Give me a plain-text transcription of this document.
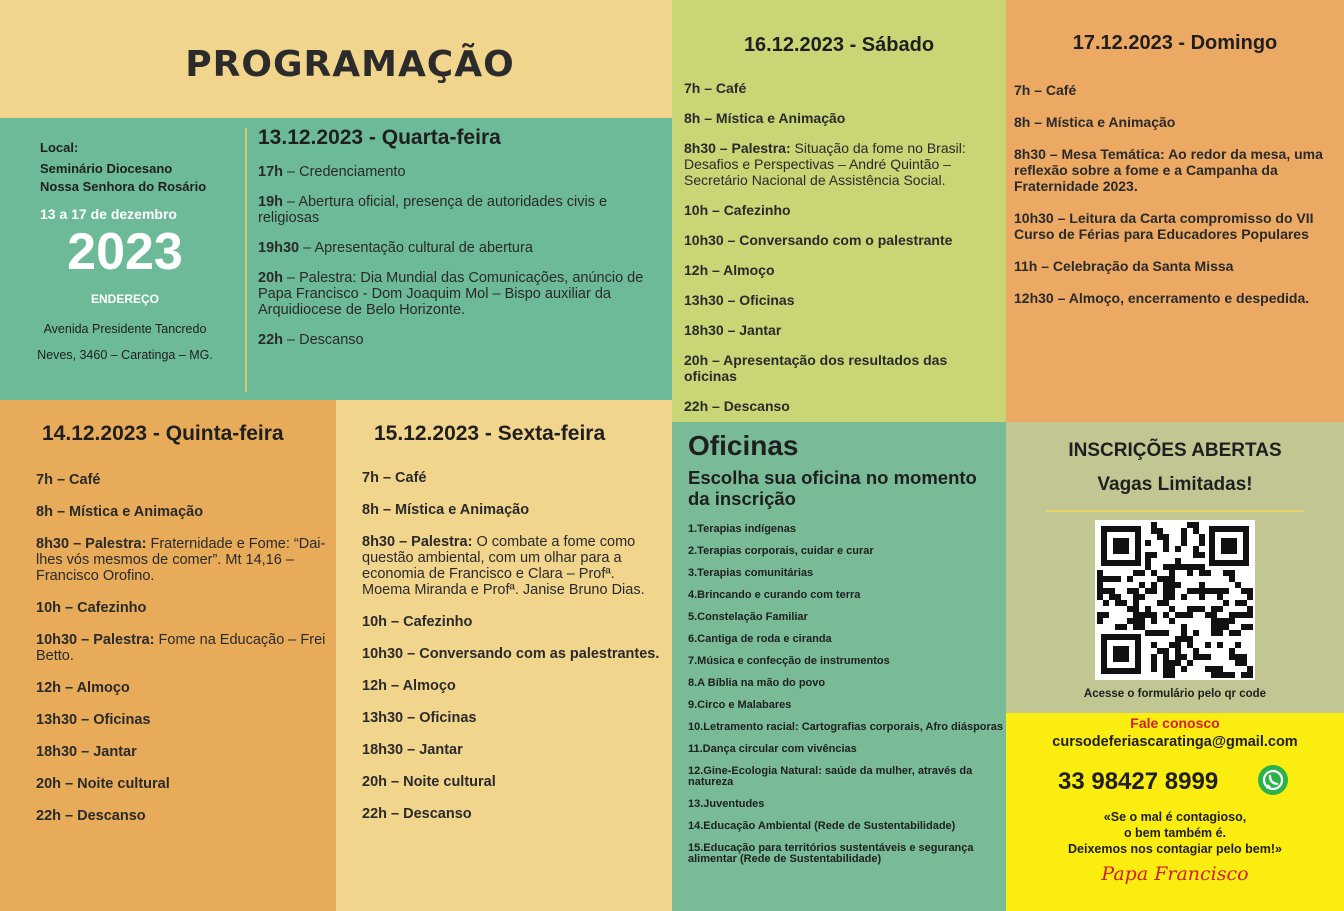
PROGRAMAÇÃO
Local:
Seminário Diocesano
Nossa Senhora do Rosário
13 a 17 de dezembro
2023
ENDEREÇO
Avenida Presidente Tancredo
Neves, 3460 – Caratinga – MG.
13.12.2023 - Quarta-feira
17h – Credenciamento
19h – Abertura oficial, presença de autoridades civis e religiosas
19h30 – Apresentação cultural de abertura
20h – Palestra: Dia Mundial das Comunicações, anúncio de Papa Francisco - Dom Joaquim Mol – Bispo auxiliar da Arquidiocese de Belo Horizonte.
22h – Descanso
14.12.2023 - Quinta-feira
7h – Café
8h – Mística e Animação
8h30 – Palestra: Fraternidade e Fome: “Dai-lhes vós mesmos de comer”. Mt 14,16 – Francisco Orofino.
10h – Cafezinho
10h30 – Palestra: Fome na Educação – Frei Betto.
12h – Almoço
13h30 – Oficinas
18h30 – Jantar
20h – Noite cultural
22h – Descanso
15.12.2023 - Sexta-feira
7h – Café
8h – Mística e Animação
8h30 – Palestra: O combate a fome como questão ambiental, com um olhar para a economia de Francisco e Clara – Profª. Moema Miranda e Profª. Janise Bruno Dias.
10h – Cafezinho
10h30 – Conversando com as palestrantes.
12h – Almoço
13h30 – Oficinas
18h30 – Jantar
20h – Noite cultural
22h – Descanso
16.12.2023 - Sábado
7h – Café
8h – Mística e Animação
8h30 – Palestra: Situação da fome no Brasil: Desafios e Perspectivas – André Quintão – Secretário Nacional de Assistência Social.
10h – Cafezinho
10h30 – Conversando com o palestrante
12h – Almoço
13h30 – Oficinas
18h30 – Jantar
20h – Apresentação dos resultados das oficinas
22h – Descanso
17.12.2023 - Domingo
7h – Café
8h – Mística e Animação
8h30 – Mesa Temática: Ao redor da mesa, uma reflexão sobre a fome e a Campanha da Fraternidade 2023.
10h30 – Leitura da Carta compromisso do VII Curso de Férias para Educadores Populares
11h – Celebração da Santa Missa
12h30 – Almoço, encerramento e despedida.
Oficinas
Escolha sua oficina no momento da inscrição
1.Terapias indígenas
2.Terapias corporais, cuidar e curar
3.Terapias comunitárias
4.Brincando e curando com terra
5.Constelação Familiar
6.Cantiga de roda e ciranda
7.Música e confecção de instrumentos
8.A Bíblia na mão do povo
9.Circo e Malabares
10.Letramento racial: Cartografias corporais, Afro diásporas
11.Dança circular com vivências
12.Gine-Ecologia Natural: saúde da mulher, através da natureza
13.Juventudes
14.Educação Ambiental (Rede de Sustentabilidade)
15.Educação para territórios sustentáveis e segurança alimentar (Rede de Sustentabilidade)
INSCRIÇÕES ABERTAS
Vagas Limitadas!
Acesse o formulário pelo qr code
Fale conosco
cursodeferiascaratinga@gmail.com
33 98427 8999
«Se o mal é contagioso,
o bem também é.
Deixemos nos contagiar pelo bem!»
Papa Francisco
